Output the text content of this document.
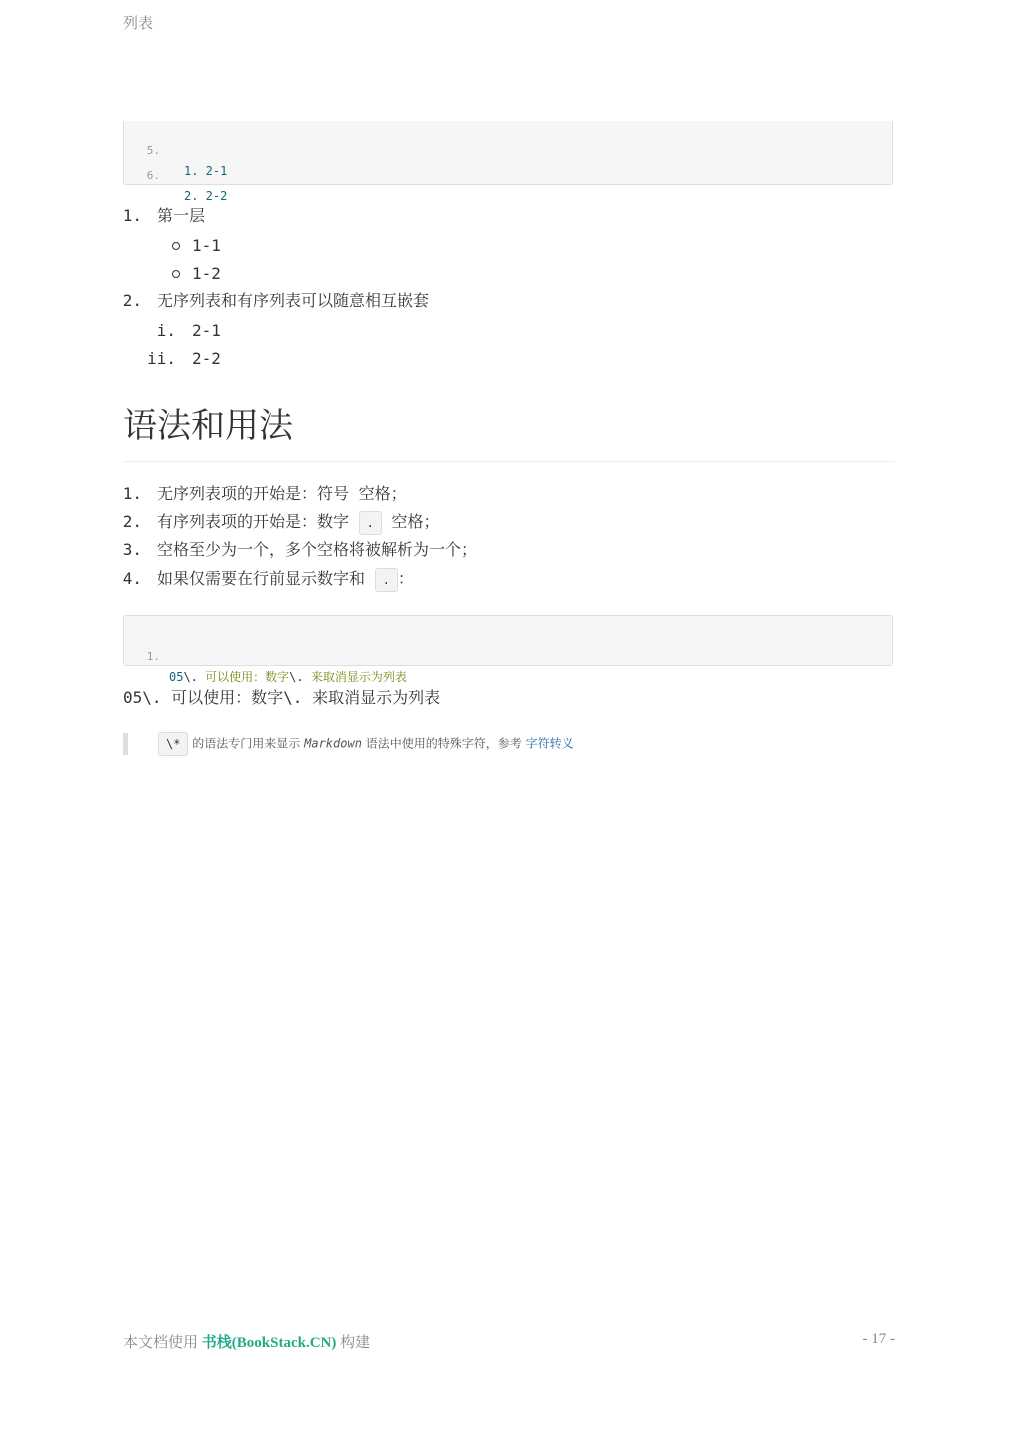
列表

5.

1. 2-1

6.

2. 2-2

1. 第一层
1-1
1-2
2. 无序列表和有序列表可以随意相互嵌套
i. 2-1
ii. 2-2
语法和用法
1. 无序列表项的开始是：符号 空格；
2. 有序列表项的开始是：数字 . 空格；
3. 空格至少为一个，多个空格将被解析为一个；
4. 如果仅需要在行前显示数字和 . ：

1.

05\. 可以使用：数字\. 来取消显示为列表

05\. 可以使用：数字\. 来取消显示为列表
\* 的语法专门用来显示 Markdown 语法中使用的特殊字符，参考 字符转义
本文档使用 书栈(BookStack.CN) 构建	- 17 -
